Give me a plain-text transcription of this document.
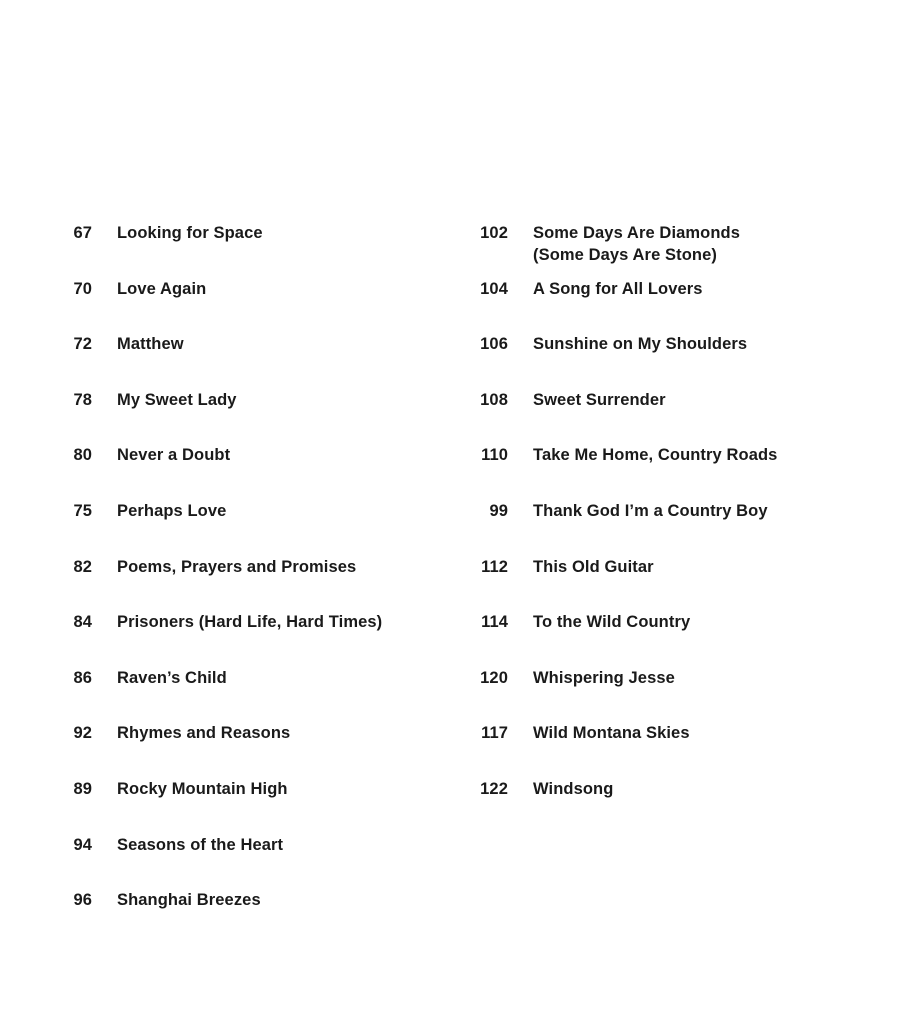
67 Looking for Space
70 Love Again
72 Matthew
78 My Sweet Lady
80 Never a Doubt
75 Perhaps Love
82 Poems, Prayers and Promises
84 Prisoners (Hard Life, Hard Times)
86 Raven’s Child
92 Rhymes and Reasons
89 Rocky Mountain High
94 Seasons of the Heart
96 Shanghai Breezes
102 Some Days Are Diamonds
(Some Days Are Stone)
104 A Song for All Lovers
106 Sunshine on My Shoulders
108 Sweet Surrender
110 Take Me Home, Country Roads
99 Thank God I’m a Country Boy
112 This Old Guitar
114 To the Wild Country
120 Whispering Jesse
117 Wild Montana Skies
122 Windsong
